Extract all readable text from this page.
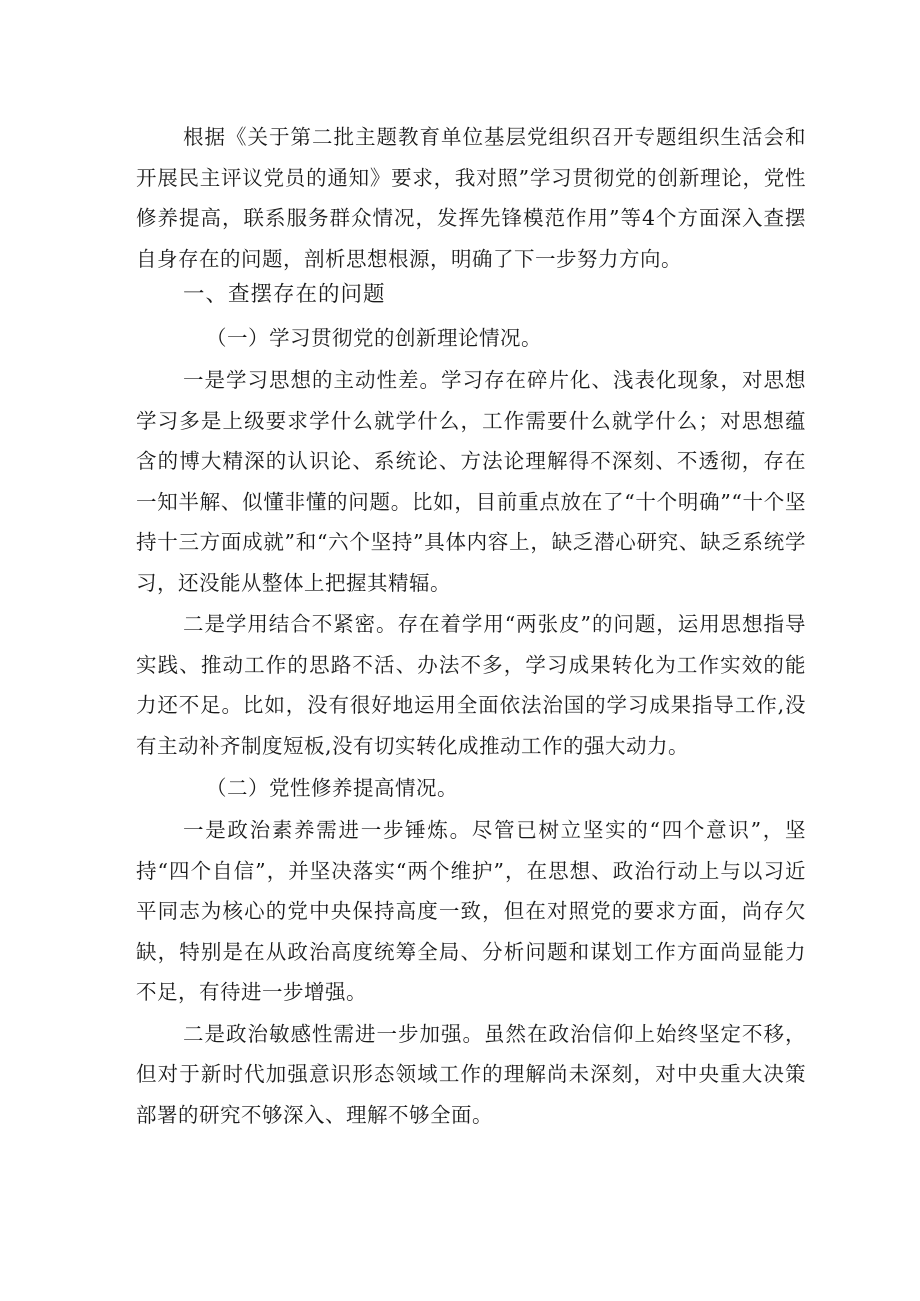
根据《关于第二批主题教育单位基层党组织召开专题组织生活会和开展民主评议党员的通知》要求，我对照”学习贯彻党的创新理论，党性修养提高，联系服务群众情况，发挥先锋模范作用”等4个方面深入查摆自身存在的问题，剖析思想根源，明确了下一步努力方向。

一、查摆存在的问题

（一）学习贯彻党的创新理论情况。

一是学习思想的主动性差。学习存在碎片化、浅表化现象，对思想学习多是上级要求学什么就学什么，工作需要什么就学什么；对思想蕴含的博大精深的认识论、系统论、方法论理解得不深刻、不透彻，存在一知半解、似懂非懂的问题。比如，目前重点放在了“十个明确”“十个坚持十三方面成就”和“六个坚持”具体内容上，缺乏潜心研究、缺乏系统学习，还没能从整体上把握其精辐。

二是学用结合不紧密。存在着学用“两张皮”的问题，运用思想指导实践、推动工作的思路不活、办法不多，学习成果转化为工作实效的能力还不足。比如，没有很好地运用全面依法治国的学习成果指导工作,没有主动补齐制度短板,没有切实转化成推动工作的强大动力。

（二）党性修养提高情况。

一是政治素养需进一步锤炼。尽管已树立坚实的“四个意识”，坚持“四个自信”，并坚决落实“两个维护”，在思想、政治行动上与以习近平同志为核心的党中央保持高度一致，但在对照党的要求方面，尚存欠缺，特别是在从政治高度统筹全局、分析问题和谋划工作方面尚显能力不足，有待进一步增强。

二是政治敏感性需进一步加强。虽然在政治信仰上始终坚定不移，但对于新时代加强意识形态领域工作的理解尚未深刻，对中央重大决策部署的研究不够深入、理解不够全面。
